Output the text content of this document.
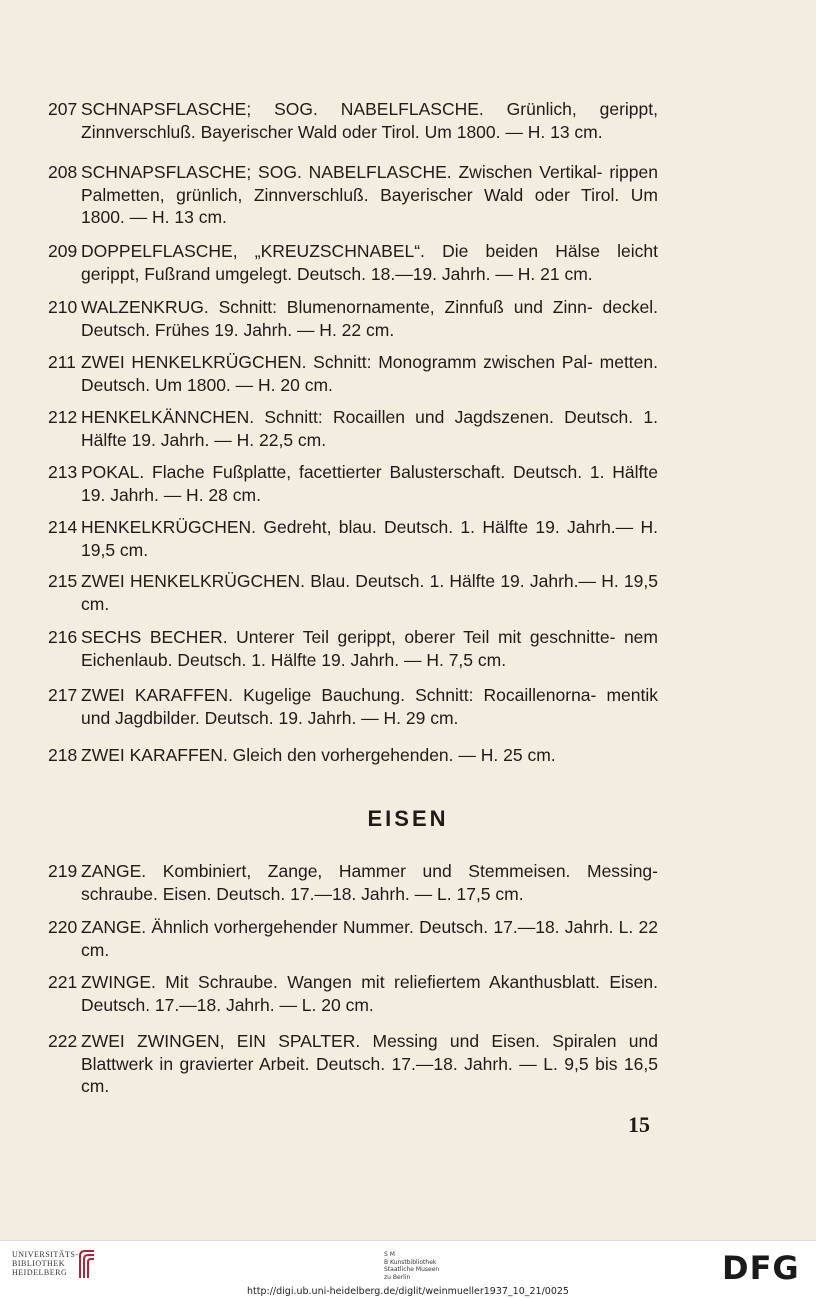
207 SCHNAPSFLASCHE; SOG. NABELFLASCHE. Grünlich, gerippt, Zinnverschluß. Bayerischer Wald oder Tirol. Um 1800. — H. 13 cm.
208 SCHNAPSFLASCHE; SOG. NABELFLASCHE. Zwischen Vertikal- rippen Palmetten, grünlich, Zinnverschluß. Bayerischer Wald oder Tirol. Um 1800. — H. 13 cm.
209 DOPPELFLASCHE, „KREUZSCHNABEL“. Die beiden Hälse leicht gerippt, Fußrand umgelegt. Deutsch. 18.—19. Jahrh. — H. 21 cm.
210 WALZENKRUG. Schnitt: Blumenornamente, Zinnfuß und Zinn- deckel. Deutsch. Frühes 19. Jahrh. — H. 22 cm.
211 ZWEI HENKELKRÜGCHEN. Schnitt: Monogramm zwischen Pal- metten. Deutsch. Um 1800. — H. 20 cm.
212 HENKELKÄNNCHEN. Schnitt: Rocaillen und Jagdszenen. Deutsch. 1. Hälfte 19. Jahrh. — H. 22,5 cm.
213 POKAL. Flache Fußplatte, facettierter Balusterschaft. Deutsch. 1. Hälfte 19. Jahrh. — H. 28 cm.
214 HENKELKRÜGCHEN. Gedreht, blau. Deutsch. 1. Hälfte 19. Jahrh.— H. 19,5 cm.
215 ZWEI HENKELKRÜGCHEN. Blau. Deutsch. 1. Hälfte 19. Jahrh.— H. 19,5 cm.
216 SECHS BECHER. Unterer Teil gerippt, oberer Teil mit geschnitte- nem Eichenlaub. Deutsch. 1. Hälfte 19. Jahrh. — H. 7,5 cm.
217 ZWEI KARAFFEN. Kugelige Bauchung. Schnitt: Rocaillenorna- mentik und Jagdbilder. Deutsch. 19. Jahrh. — H. 29 cm.
218 ZWEI KARAFFEN. Gleich den vorhergehenden. — H. 25 cm.
EISEN
219 ZANGE. Kombiniert, Zange, Hammer und Stemmeisen. Messing- schraube. Eisen. Deutsch. 17.—18. Jahrh. — L. 17,5 cm.
220 ZANGE. Ähnlich vorhergehender Nummer. Deutsch. 17.—18. Jahrh. L. 22 cm.
221 ZWINGE. Mit Schraube. Wangen mit reliefiertem Akanthusblatt. Eisen. Deutsch. 17.—18. Jahrh. — L. 20 cm.
222 ZWEI ZWINGEN, EIN SPALTER. Messing und Eisen. Spiralen und Blattwerk in gravierter Arbeit. Deutsch. 17.—18. Jahrh. — L. 9,5 bis 16,5 cm.
15
UNIVERSITÄTS-
BIBLIOTHEK
HEIDELBERG
S M
B Kunstbibliothek
Staatliche Museen
zu Berlin	DFG
http://digi.ub.uni-heidelberg.de/diglit/weinmueller1937_10_21/0025
